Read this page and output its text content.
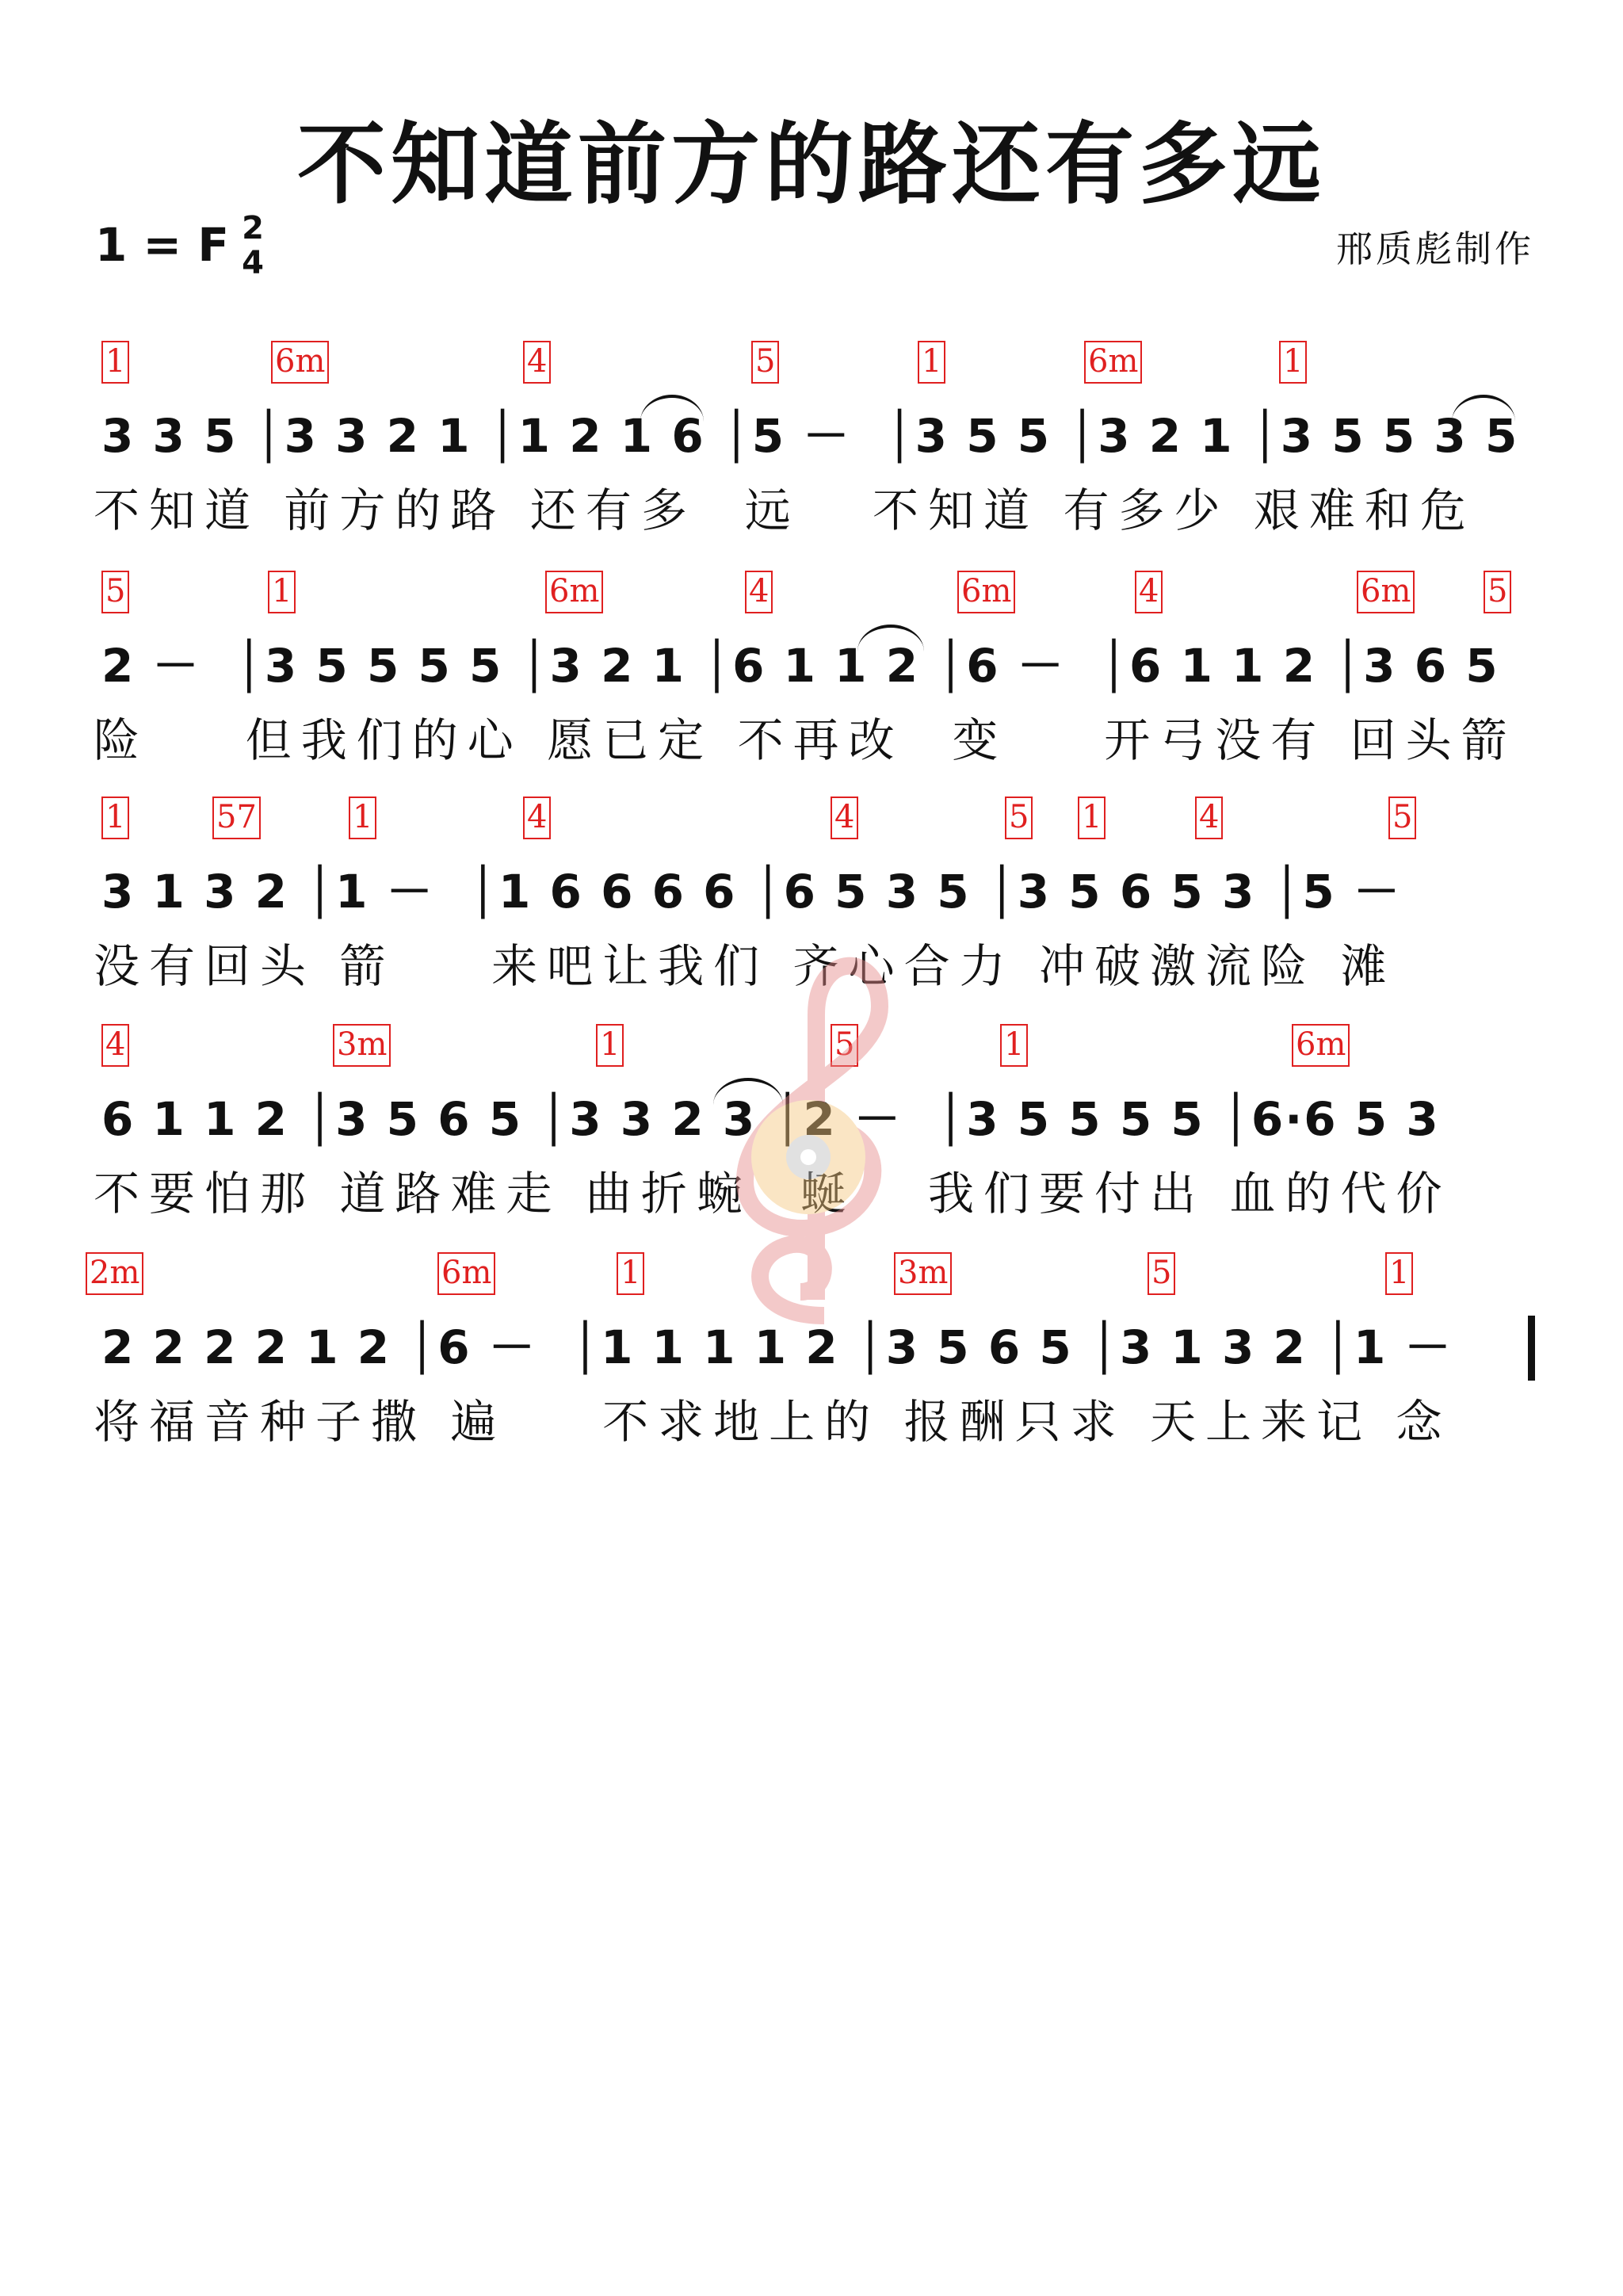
不知道前方的路还有多远
1 = F 2
4	邢质彪制作
1	6m	4	5	1	6m	1
3 3 5 │3 3 2 1 │1 2 1 6 │5 －  │3 5 5 │3 2 1 │3 5 5 3 5
不知道 前方的路 还有多  远   不知道 有多少 艰难和危
5	1	6m	4	6m	4	6m 5
2 －  │3 5 5 5 5 │3 2 1 │6 1 1 2 │6 －  │6 1 1 2 │3 6 5
险    但我们的心 愿已定 不再改  变    开弓没有 回头箭
1	57	1	4	4	5 1	4	5
3 1 3 2 │1 －  │1 6 6 6 6 │6 5 3 5 │3 5 6 5 3 │5 －
没有回头 箭    来吧让我们 齐心合力 冲破激流险 滩
4	3m	1	5	1	6m
6 1 1 2 │3 5 6 5 │3 3 2 3 │2 －  │3 5 5 5 5 │6·6 5 3
不要怕那 道路难走 曲折蜿  蜒   我们要付出 血的代价
2m	6m	1	3m	5	1
2 2 2 2 1 2 │6 －  │1 1 1 1 2 │3 5 6 5 │3 1 3 2 │1 －
将福音种子撒 遍    不求地上的 报酬只求 天上来记 念
